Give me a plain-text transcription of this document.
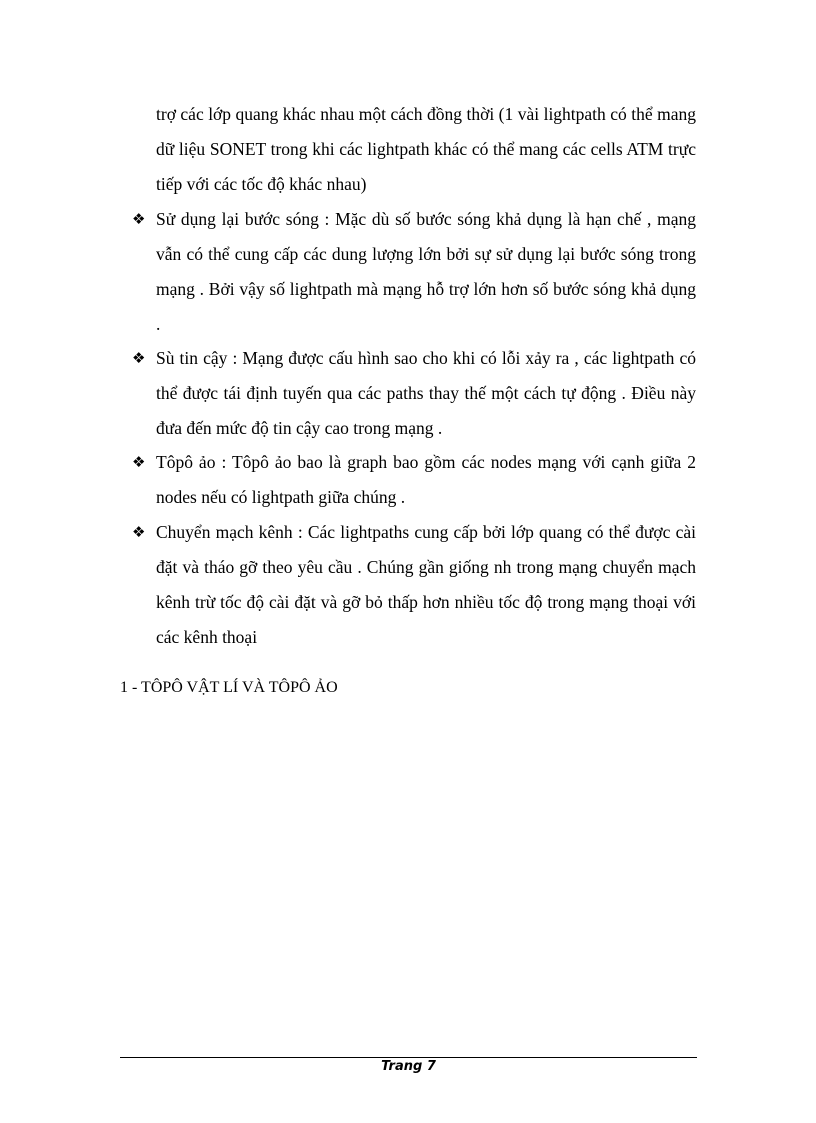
trợ các lớp quang khác nhau một cách đồng thời (1 vài lightpath có thể mang dữ liệu SONET trong khi các lightpath khác có thể mang các cells ATM trực tiếp với các tốc độ khác nhau)
❖ Sử dụng lại bước sóng : Mặc dù số bước sóng khả dụng là hạn chế , mạng vẫn có thể cung cấp các dung lượng lớn bởi sự sử dụng lại bước sóng trong mạng . Bởi vậy số lightpath mà mạng hỗ trợ lớn hơn số bước sóng khả dụng .
❖ Sù tin cậy : Mạng được cấu hình sao cho khi có lỗi xảy ra , các lightpath có thể được tái định tuyến qua các paths thay thế một cách tự động . Điều này đưa đến mức độ tin cậy cao trong mạng .
❖ Tôpô ảo : Tôpô ảo bao là graph bao gồm các nodes mạng với cạnh giữa 2 nodes nếu có lightpath giữa chúng .
❖ Chuyển mạch kênh : Các lightpaths cung cấp bởi lớp quang có thể được cài đặt và tháo gỡ theo yêu cầu . Chúng gần giống nh trong mạng chuyển mạch kênh trừ tốc độ cài đặt và gỡ bỏ thấp hơn nhiều tốc độ trong mạng thoại với các kênh thoại
1 - TÔPÔ VẬT LÍ VÀ TÔPÔ ẢO
Trang 7
